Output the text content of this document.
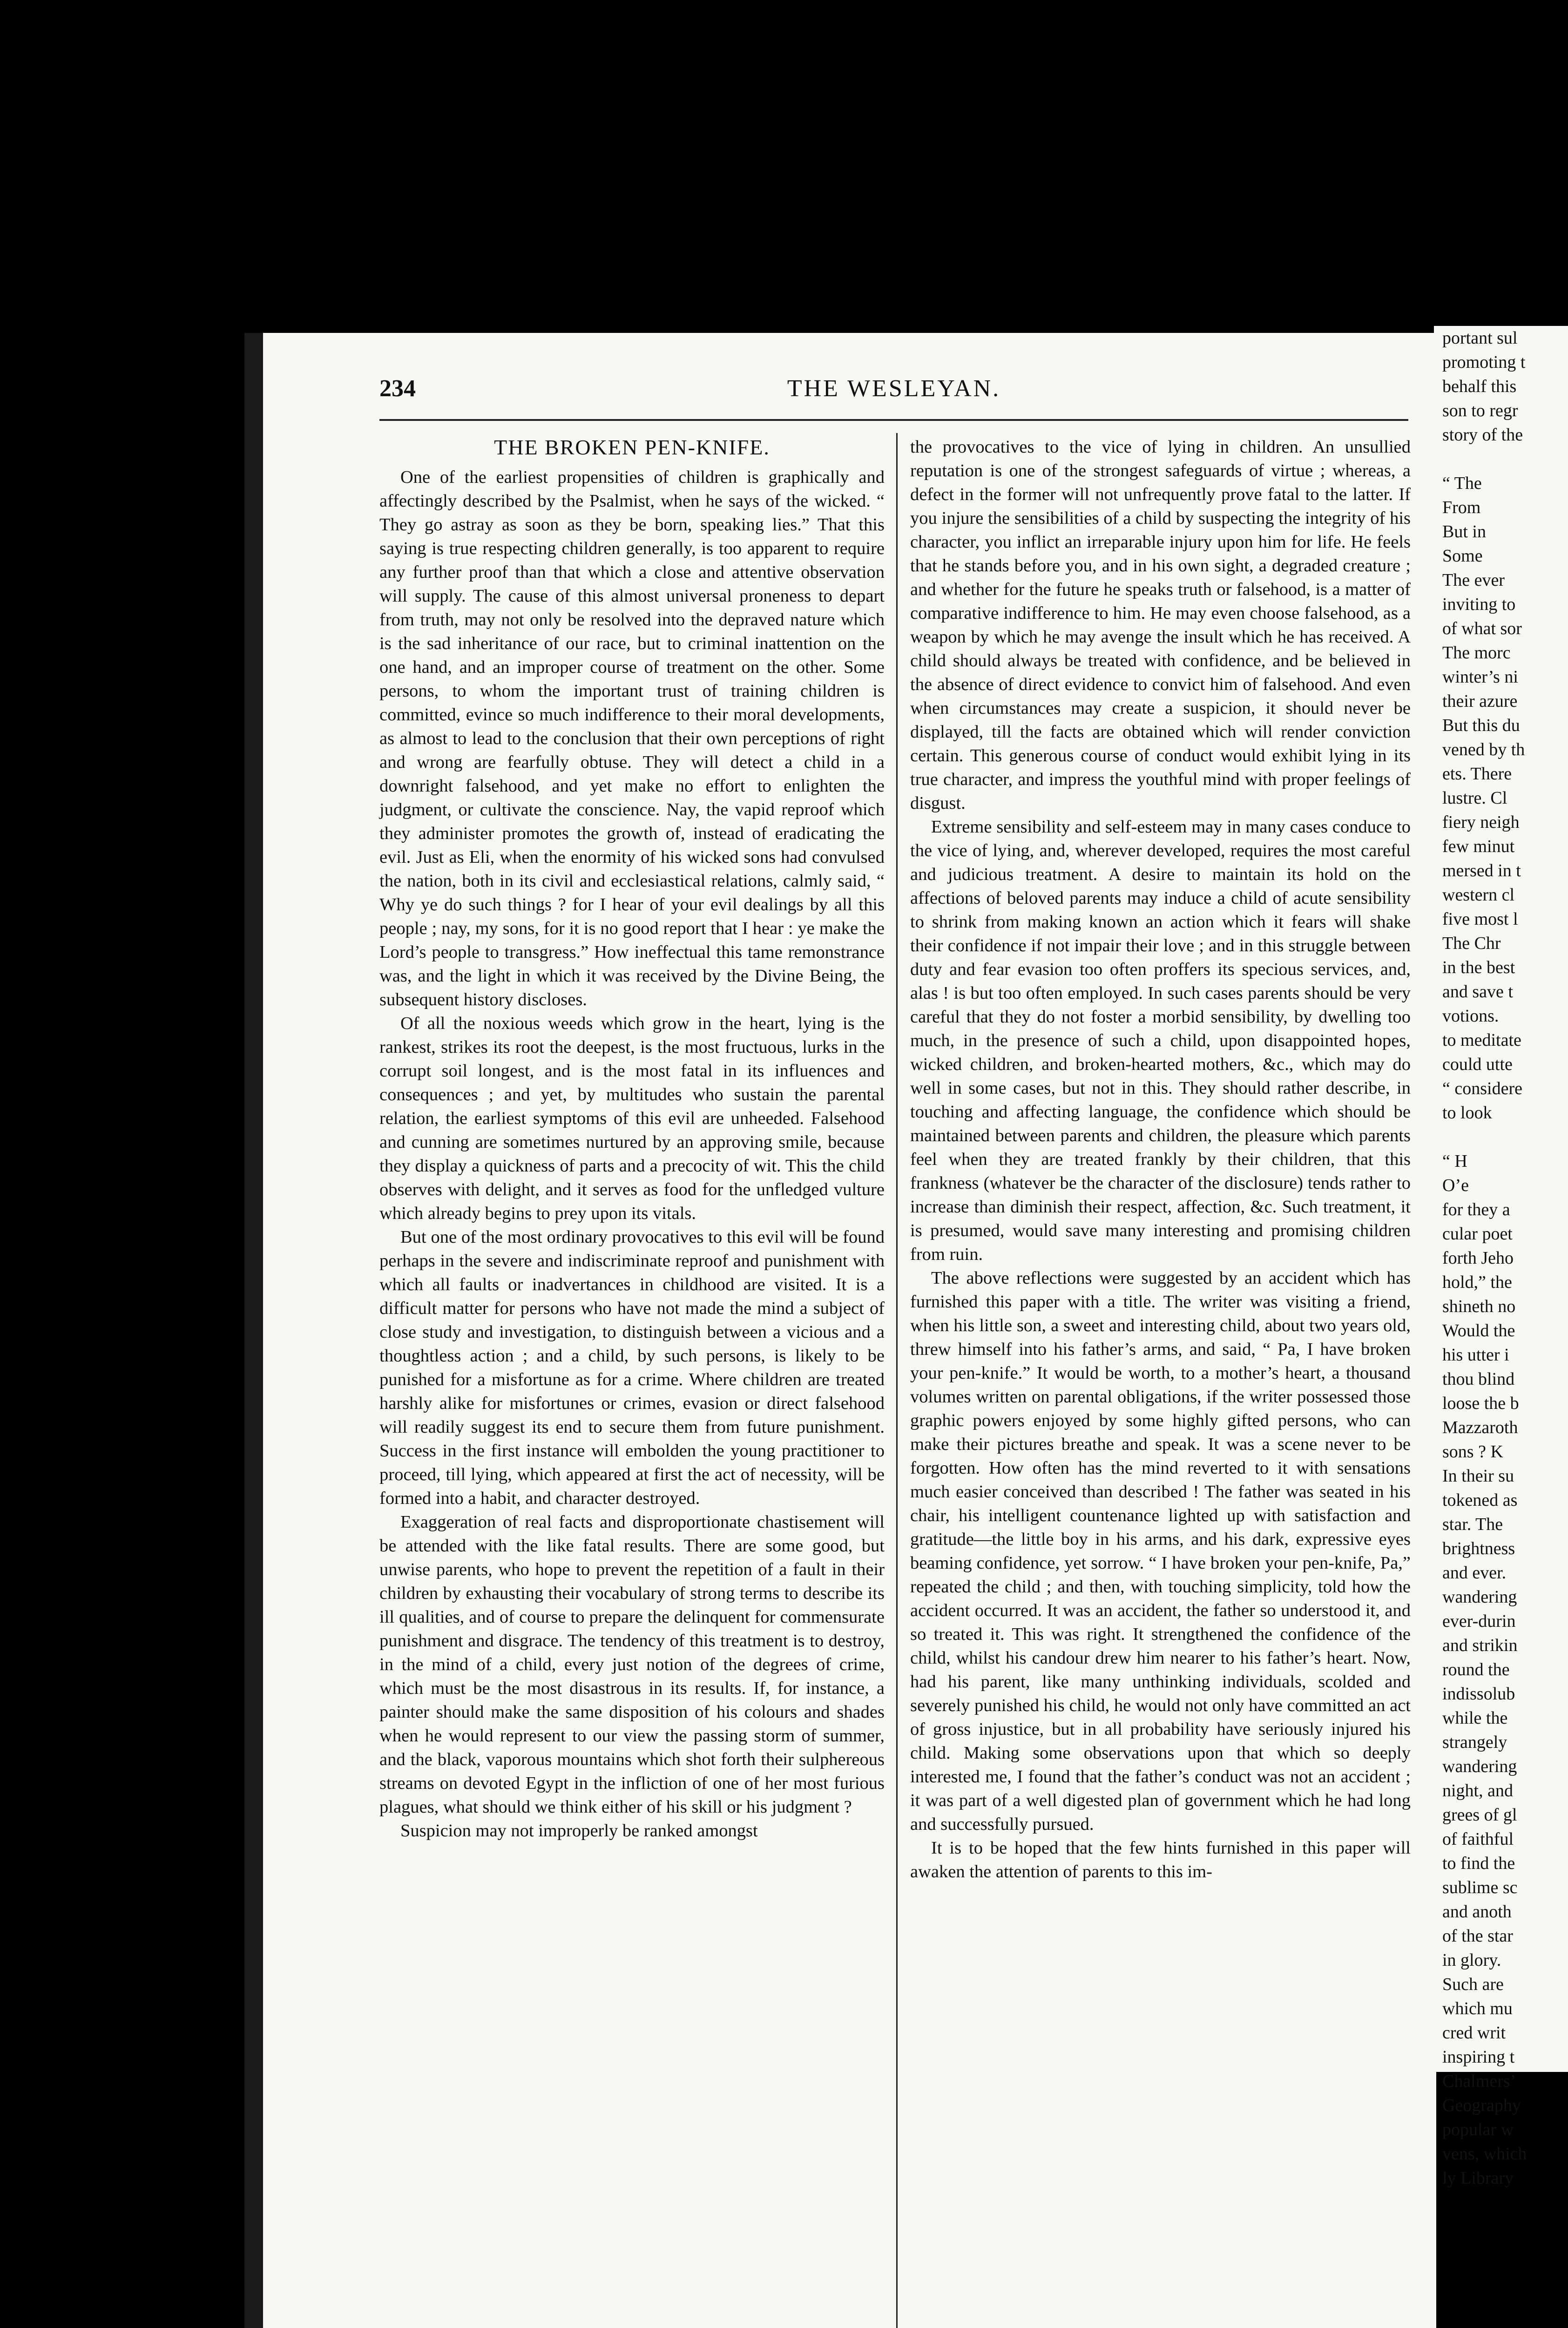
234	THE WESLEYAN.
THE BROKEN PEN-KNIFE.

One of the earliest propensities of children is graphically and affectingly described by the Psalmist, when he says of the wicked. “ They go astray as soon as they be born, speaking lies.” That this saying is true respecting children generally, is too apparent to require any further proof than that which a close and attentive observation will supply. The cause of this almost universal proneness to depart from truth, may not only be resolved into the depraved nature which is the sad inheritance of our race, but to criminal inattention on the one hand, and an improper course of treatment on the other. Some persons, to whom the important trust of training children is committed, evince so much indifference to their moral developments, as almost to lead to the conclusion that their own perceptions of right and wrong are fearfully obtuse. They will detect a child in a downright falsehood, and yet make no effort to enlighten the judgment, or cultivate the conscience. Nay, the vapid reproof which they administer promotes the growth of, instead of eradicating the evil. Just as Eli, when the enormity of his wicked sons had convulsed the nation, both in its civil and ecclesiastical relations, calmly said, “ Why ye do such things ? for I hear of your evil dealings by all this people ; nay, my sons, for it is no good report that I hear : ye make the Lord’s people to transgress.” How ineffectual this tame remonstrance was, and the light in which it was received by the Divine Being, the subsequent history discloses.

Of all the noxious weeds which grow in the heart, lying is the rankest, strikes its root the deepest, is the most fructuous, lurks in the corrupt soil longest, and is the most fatal in its influences and consequences ; and yet, by multitudes who sustain the parental relation, the earliest symptoms of this evil are unheeded. Falsehood and cunning are sometimes nurtured by an approving smile, because they display a quickness of parts and a precocity of wit. This the child observes with delight, and it serves as food for the unfledged vulture which already begins to prey upon its vitals.

But one of the most ordinary provocatives to this evil will be found perhaps in the severe and indiscriminate reproof and punishment with which all faults or inadvertances in childhood are visited. It is a difficult matter for persons who have not made the mind a subject of close study and investigation, to distinguish between a vicious and a thoughtless action ; and a child, by such persons, is likely to be punished for a misfortune as for a crime. Where children are treated harshly alike for misfortunes or crimes, evasion or direct falsehood will readily suggest its end to secure them from future punishment. Success in the first instance will embolden the young practitioner to proceed, till lying, which appeared at first the act of necessity, will be formed into a habit, and character destroyed.

Exaggeration of real facts and disproportionate chastisement will be attended with the like fatal results. There are some good, but unwise parents, who hope to prevent the repetition of a fault in their children by exhausting their vocabulary of strong terms to describe its ill qualities, and of course to prepare the delinquent for commensurate punishment and disgrace. The tendency of this treatment is to destroy, in the mind of a child, every just notion of the degrees of crime, which must be the most disastrous in its results. If, for instance, a painter should make the same disposition of his colours and shades when he would represent to our view the passing storm of summer, and the black, vaporous mountains which shot forth their sulphereous streams on devoted Egypt in the infliction of one of her most furious plagues, what should we think either of his skill or his judgment ?

Suspicion may not improperly be ranked amongst

the provocatives to the vice of lying in children. An unsullied reputation is one of the strongest safeguards of virtue ; whereas, a defect in the former will not unfrequently prove fatal to the latter. If you injure the sensibilities of a child by suspecting the integrity of his character, you inflict an irreparable injury upon him for life. He feels that he stands before you, and in his own sight, a degraded creature ; and whether for the future he speaks truth or falsehood, is a matter of comparative indifference to him. He may even choose falsehood, as a weapon by which he may avenge the insult which he has received. A child should always be treated with confidence, and be believed in the absence of direct evidence to convict him of falsehood. And even when circumstances may create a suspicion, it should never be displayed, till the facts are obtained which will render conviction certain. This generous course of conduct would exhibit lying in its true character, and impress the youthful mind with proper feelings of disgust.

Extreme sensibility and self-esteem may in many cases conduce to the vice of lying, and, wherever developed, requires the most careful and judicious treatment. A desire to maintain its hold on the affections of beloved parents may induce a child of acute sensibility to shrink from making known an action which it fears will shake their confidence if not impair their love ; and in this struggle between duty and fear evasion too often proffers its specious services, and, alas ! is but too often employed. In such cases parents should be very careful that they do not foster a morbid sensibility, by dwelling too much, in the presence of such a child, upon disappointed hopes, wicked children, and broken-hearted mothers, &c., which may do well in some cases, but not in this. They should rather describe, in touching and affecting language, the confidence which should be maintained between parents and children, the pleasure which parents feel when they are treated frankly by their children, that this frankness (whatever be the character of the disclosure) tends rather to increase than diminish their respect, affection, &c. Such treatment, it is presumed, would save many interesting and promising children from ruin.

The above reflections were suggested by an accident which has furnished this paper with a title. The writer was visiting a friend, when his little son, a sweet and interesting child, about two years old, threw himself into his father’s arms, and said, “ Pa, I have broken your pen-knife.” It would be worth, to a mother’s heart, a thousand volumes written on parental obligations, if the writer possessed those graphic powers enjoyed by some highly gifted persons, who can make their pictures breathe and speak. It was a scene never to be forgotten. How often has the mind reverted to it with sensations much easier conceived than described ! The father was seated in his chair, his intelligent countenance lighted up with satisfaction and gratitude—the little boy in his arms, and his dark, expressive eyes beaming confidence, yet sorrow. “ I have broken your pen-knife, Pa,” repeated the child ; and then, with touching simplicity, told how the accident occurred. It was an accident, the father so understood it, and so treated it. This was right. It strengthened the confidence of the child, whilst his candour drew him nearer to his father’s heart. Now, had his parent, like many unthinking individuals, scolded and severely punished his child, he would not only have committed an act of gross injustice, but in all probability have seriously injured his child. Making some observations upon that which so deeply interested me, I found that the father’s conduct was not an accident ; it was part of a well digested plan of government which he had long and successfully pursued.

It is to be hoped that the few hints furnished in this paper will awaken the attention of parents to this im-

portant sul
promoting t
behalf this
son to regr
story of the
“ The
From
But in
Some
The ever
inviting to
of what sor
The morc
winter’s ni
their azure
But this du
vened by th
ets. There
lustre. Cl
fiery neigh
few minut
mersed in t
western cl
five most l
The Chr
in the best
and save t
votions.
to meditate
could utte
“ considere
to look
“ H
O’e
for they a
cular poet
forth Jeho
hold,” the
shineth no
Would the
his utter i
thou blind
loose the b
Mazzaroth
sons ? K
In their su
tokened as
star. The
brightness
and ever.
wandering
ever-durin
and strikin
round the
indissolub
while the
strangely
wandering
night, and
grees of gl
of faithful
to find the
sublime sc
and anoth
of the star
in glory.
Such are
which mu
cred writ
inspiring t
Chalmers’
Geography
popular w
vens, which
ly Library
